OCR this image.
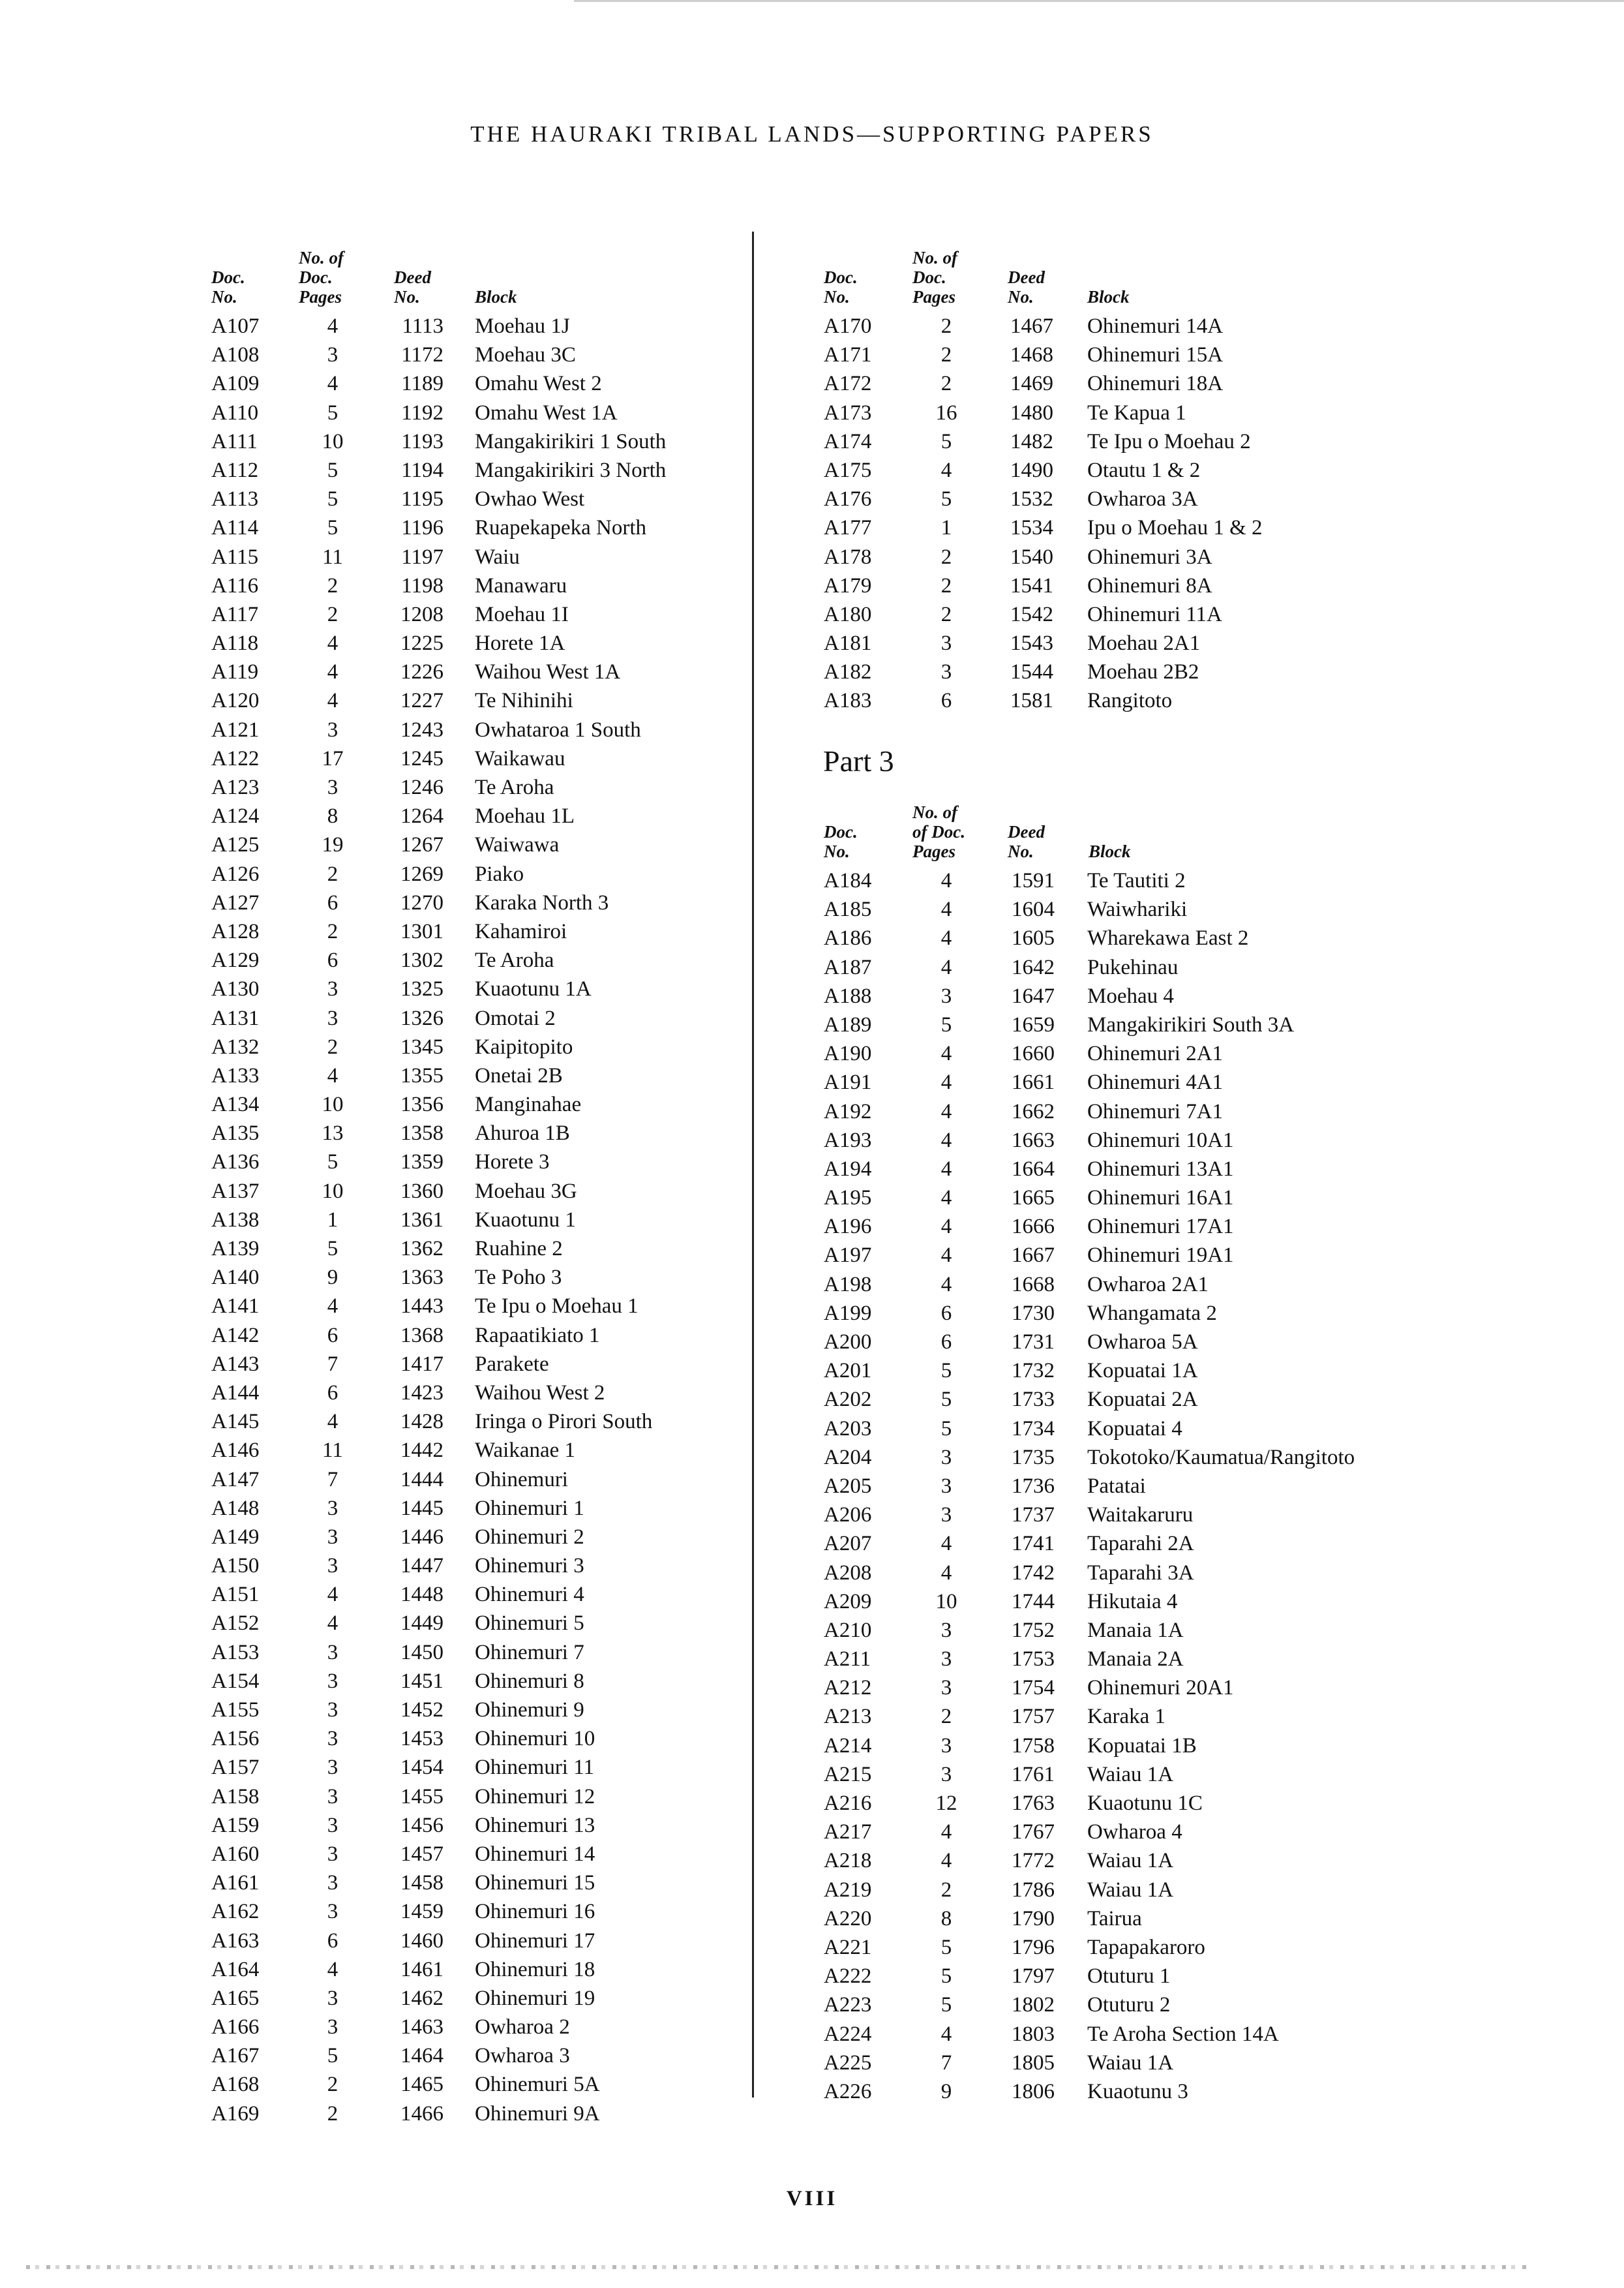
THE HAURAKI TRIBAL LANDS—SUPPORTING PAPERS
Doc.
No.
No. of
Doc.
Pages
Deed
No.	Block
A107	4	1113 Moehau 1J
A108	3	1172 Moehau 3C
A109	4	1189 Omahu West 2
A110	5	1192 Omahu West 1A
A111	10	1193 Mangakirikiri 1 South
A112	5	1194 Mangakirikiri 3 North
A113	5	1195 Owhao West
A114	5	1196 Ruapekapeka North
A115	11	1197 Waiu
A116	2	1198 Manawaru
A117	2	1208 Moehau 1I
A118	4	1225 Horete 1A
A119	4	1226 Waihou West 1A
A120	4	1227 Te Nihinihi
A121	3	1243 Owhataroa 1 South
A122	17	1245 Waikawau
A123	3	1246 Te Aroha
A124	8	1264 Moehau 1L
A125	19	1267 Waiwawa
A126	2	1269 Piako
A127	6	1270 Karaka North 3
A128	2	1301 Kahamiroi
A129	6	1302 Te Aroha
A130	3	1325 Kuaotunu 1A
A131	3	1326 Omotai 2
A132	2	1345 Kaipitopito
A133	4	1355 Onetai 2B
A134	10	1356 Manginahae
A135	13	1358 Ahuroa 1B
A136	5	1359 Horete 3
A137	10	1360 Moehau 3G
A138	1	1361 Kuaotunu 1
A139	5	1362 Ruahine 2
A140	9	1363 Te Poho 3
A141	4	1443 Te Ipu o Moehau 1
A142	6	1368 Rapaatikiato 1
A143	7	1417 Parakete
A144	6	1423 Waihou West 2
A145	4	1428 Iringa o Pirori South
A146	11	1442 Waikanae 1
A147	7	1444 Ohinemuri
A148	3	1445 Ohinemuri 1
A149	3	1446 Ohinemuri 2
A150	3	1447 Ohinemuri 3
A151	4	1448 Ohinemuri 4
A152	4	1449 Ohinemuri 5
A153	3	1450 Ohinemuri 7
A154	3	1451 Ohinemuri 8
A155	3	1452 Ohinemuri 9
A156	3	1453 Ohinemuri 10
A157	3	1454 Ohinemuri 11
A158	3	1455 Ohinemuri 12
A159	3	1456 Ohinemuri 13
A160	3	1457 Ohinemuri 14
A161	3	1458 Ohinemuri 15
A162	3	1459 Ohinemuri 16
A163	6	1460 Ohinemuri 17
A164	4	1461 Ohinemuri 18
A165	3	1462 Ohinemuri 19
A166	3	1463 Owharoa 2
A167	5	1464 Owharoa 3
A168	2	1465 Ohinemuri 5A
A169	2	1466 Ohinemuri 9A
Doc.
No.
No. of
Doc.
Pages
Deed
No.	Block
A170	2	1467 Ohinemuri 14A
A171	2	1468 Ohinemuri 15A
A172	2	1469 Ohinemuri 18A
A173	16	1480 Te Kapua 1
A174	5	1482 Te Ipu o Moehau 2
A175	4	1490 Otautu 1 & 2
A176	5	1532 Owharoa 3A
A177	1	1534 Ipu o Moehau 1 & 2
A178	2	1540 Ohinemuri 3A
A179	2	1541 Ohinemuri 8A
A180	2	1542 Ohinemuri 11A
A181	3	1543 Moehau 2A1
A182	3	1544 Moehau 2B2
A183	6	1581 Rangitoto
Part 3
Doc.
No.
No. of
of Doc.
Pages
Deed
No.	Block
A184	4	1591 Te Tautiti 2
A185	4	1604 Waiwhariki
A186	4	1605 Wharekawa East 2
A187	4	1642 Pukehinau
A188	3	1647 Moehau 4
A189	5	1659 Mangakirikiri South 3A
A190	4	1660 Ohinemuri 2A1
A191	4	1661 Ohinemuri 4A1
A192	4	1662 Ohinemuri 7A1
A193	4	1663 Ohinemuri 10A1
A194	4	1664 Ohinemuri 13A1
A195	4	1665 Ohinemuri 16A1
A196	4	1666 Ohinemuri 17A1
A197	4	1667 Ohinemuri 19A1
A198	4	1668 Owharoa 2A1
A199	6	1730 Whangamata 2
A200	6	1731 Owharoa 5A
A201	5	1732 Kopuatai 1A
A202	5	1733 Kopuatai 2A
A203	5	1734 Kopuatai 4
A204	3	1735 Tokotoko/Kaumatua/Rangitoto
A205	3	1736 Patatai
A206	3	1737 Waitakaruru
A207	4	1741 Taparahi 2A
A208	4	1742 Taparahi 3A
A209	10	1744 Hikutaia 4
A210	3	1752 Manaia 1A
A211	3	1753 Manaia 2A
A212	3	1754 Ohinemuri 20A1
A213	2	1757 Karaka 1
A214	3	1758 Kopuatai 1B
A215	3	1761 Waiau 1A
A216	12	1763 Kuaotunu 1C
A217	4	1767 Owharoa 4
A218	4	1772 Waiau 1A
A219	2	1786 Waiau 1A
A220	8	1790 Tairua
A221	5	1796 Tapapakaroro
A222	5	1797 Otuturu 1
A223	5	1802 Otuturu 2
A224	4	1803 Te Aroha Section 14A
A225	7	1805 Waiau 1A
A226	9	1806 Kuaotunu 3
VIII
